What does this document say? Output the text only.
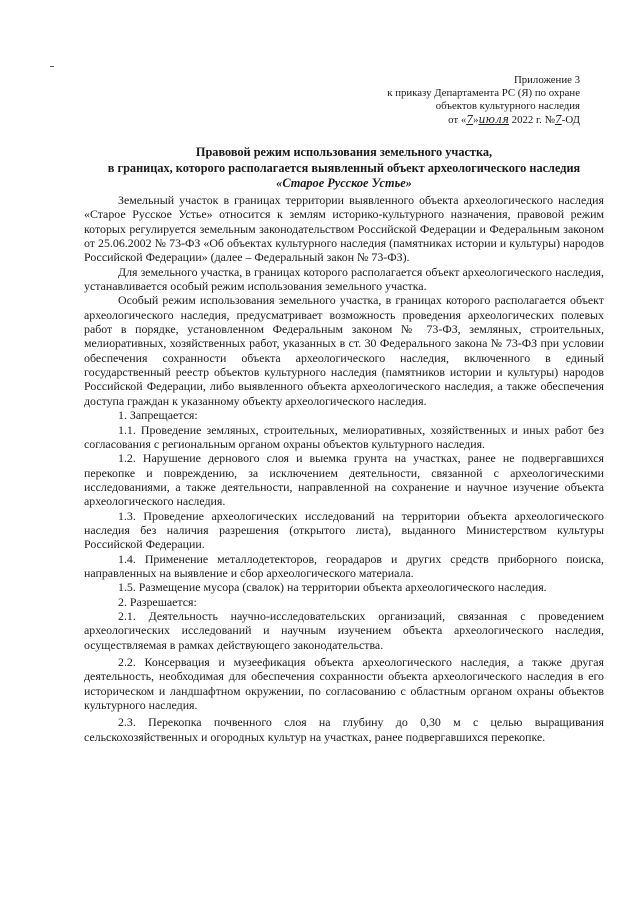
Приложение 3
к приказу Департамента РС (Я) по охране
объектов культурного наследия
от «7»июля 2022 г. №7-ОД
Правовой режим использования земельного участка,
в границах, которого располагается выявленный объект археологического наследия
«Старое Русское Устье»

Земельный участок в границах территории выявленного объекта археологического наследия «Старое Русское Устье» относится к землям историко-культурного назначения, правовой режим которых регулируется земельным законодательством Российской Федерации и Федеральным законом от 25.06.2002 № 73-ФЗ «Об объектах культурного наследия (памятниках истории и культуры) народов Российской Федерации» (далее – Федеральный закон № 73-ФЗ).

Для земельного участка, в границах которого располагается объект археологического наследия, устанавливается особый режим использования земельного участка.

Особый режим использования земельного участка, в границах которого располагается объект археологического наследия, предусматривает возможность проведения археологических полевых работ в порядке, установленном Федеральным законом № 73-ФЗ, земляных, строительных, мелиоративных, хозяйственных работ, указанных в ст. 30 Федерального закона № 73-ФЗ при условии обеспечения сохранности объекта археологического наследия, включенного в единый государственный реестр объектов культурного наследия (памятников истории и культуры) народов Российской Федерации, либо выявленного объекта археологического наследия, а также обеспечения доступа граждан к указанному объекту археологического наследия.

1. Запрещается:

1.1. Проведение земляных, строительных, мелиоративных, хозяйственных и иных работ без согласования с региональным органом охраны объектов культурного наследия.

1.2. Нарушение дернового слоя и выемка грунта на участках, ранее не подвергавшихся перекопке и повреждению, за исключением деятельности, связанной с археологическими исследованиями, а также деятельности, направленной на сохранение и научное изучение объекта археологического наследия.

1.3. Проведение археологических исследований на территории объекта археологического наследия без наличия разрешения (открытого листа), выданного Министерством культуры Российской Федерации.

1.4. Применение металлодетекторов, георадаров и других средств приборного поиска, направленных на выявление и сбор археологического материала.

1.5. Размещение мусора (свалок) на территории объекта археологического наследия.

2. Разрешается:

2.1. Деятельность научно-исследовательских организаций, связанная с проведением археологических исследований и научным изучением объекта археологического наследия, осуществляемая в рамках действующего законодательства.

2.2. Консервация и музеефикация объекта археологического наследия, а также другая деятельность, необходимая для обеспечения сохранности объекта археологического наследия в его историческом и ландшафтном окружении, по согласованию с областным органом охраны объектов культурного наследия.

2.3. Перекопка почвенного слоя на глубину до 0,30 м с целью выращивания сельскохозяйственных и огородных культур на участках, ранее подвергавшихся перекопке.
